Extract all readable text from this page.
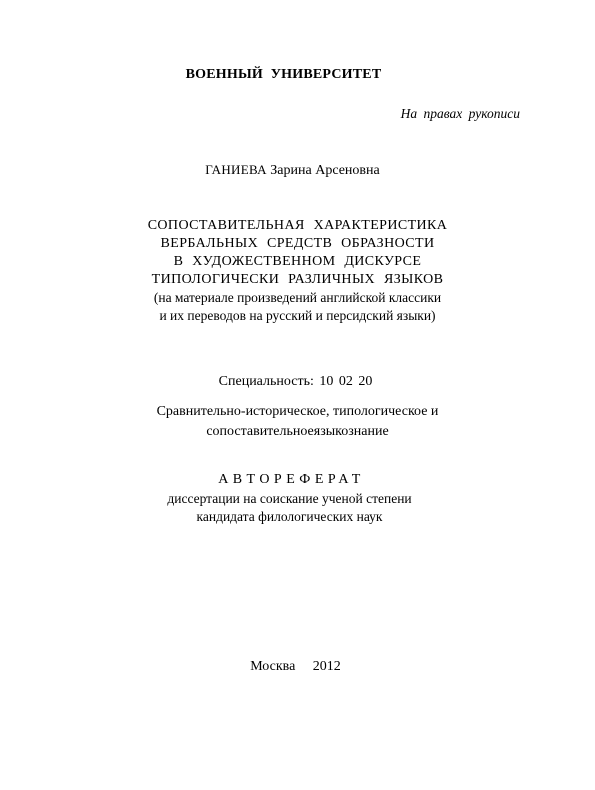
ВОЕННЫЙ УНИВЕРСИТЕТ
На правах рукописи
ГАНИЕВА Зарина Арсеновна
СОПОСТАВИТЕЛЬНАЯ ХАРАКТЕРИСТИКА
ВЕРБАЛЬНЫХ СРЕДСТВ ОБРАЗНОСТИ
В ХУДОЖЕСТВЕННОМ ДИСКУРСЕ
ТИПОЛОГИЧЕСКИ РАЗЛИЧНЫХ ЯЗЫКОВ
(на материале произведений английской классики
и их переводов на русский и персидский языки)
Специальность: 10 02 20
Сравнительно-историческое, типологическое и
сопоставительноеязыкознание
АВТОРЕФЕРАТ
диссертации на соискание ученой степени
кандидата филологических наук
Москва 2012
